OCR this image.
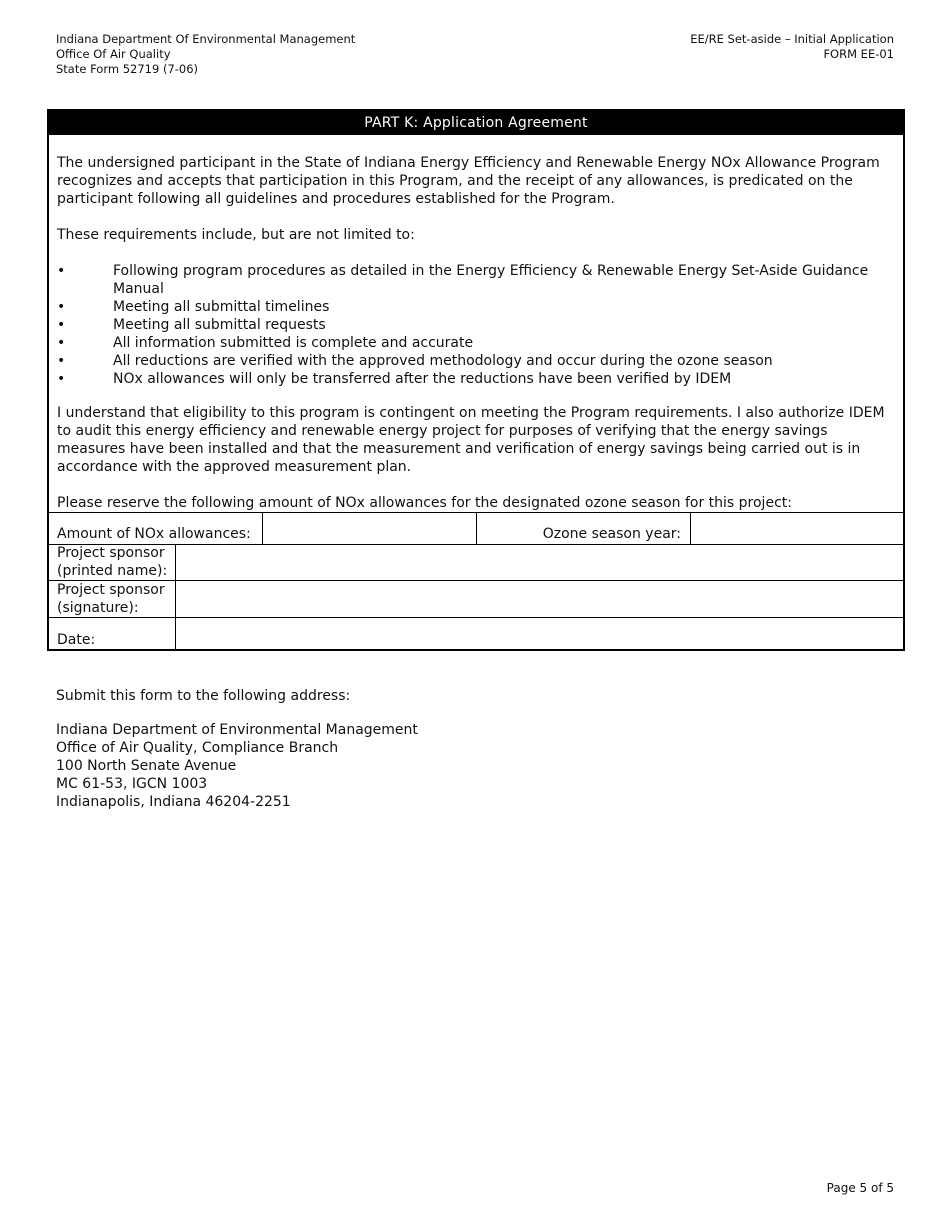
Indiana Department Of Environmental Management
Office Of Air Quality
State Form 52719 (7-06)
EE/RE Set-aside – Initial Application
FORM EE-01
PART K: Application Agreement
The undersigned participant in the State of Indiana Energy Efficiency and Renewable Energy NOx Allowance Program recognizes and accepts that participation in this Program, and the receipt of any allowances, is predicated on the participant following all guidelines and procedures established for the Program.
These requirements include, but are not limited to:
•	Following program procedures as detailed in the Energy Efficiency & Renewable Energy Set-Aside Guidance Manual
•	Meeting all submittal timelines
•	Meeting all submittal requests
•	All information submitted is complete and accurate
•	All reductions are verified with the approved methodology and occur during the ozone season
•	NOx allowances will only be transferred after the reductions have been verified by IDEM
I understand that eligibility to this program is contingent on meeting the Program requirements. I also authorize IDEM to audit this energy efficiency and renewable energy project for purposes of verifying that the energy savings measures have been installed and that the measurement and verification of energy savings being carried out is in accordance with the approved measurement plan.
Please reserve the following amount of NOx allowances for the designated ozone season for this project:
Amount of NOx allowances:	Ozone season year:
Project sponsor
(printed name):
Project sponsor
(signature):
Date:
Submit this form to the following address:
Indiana Department of Environmental Management
Office of Air Quality, Compliance Branch
100 North Senate Avenue
MC 61-53, IGCN 1003
Indianapolis, Indiana 46204-2251
Page 5 of 5
